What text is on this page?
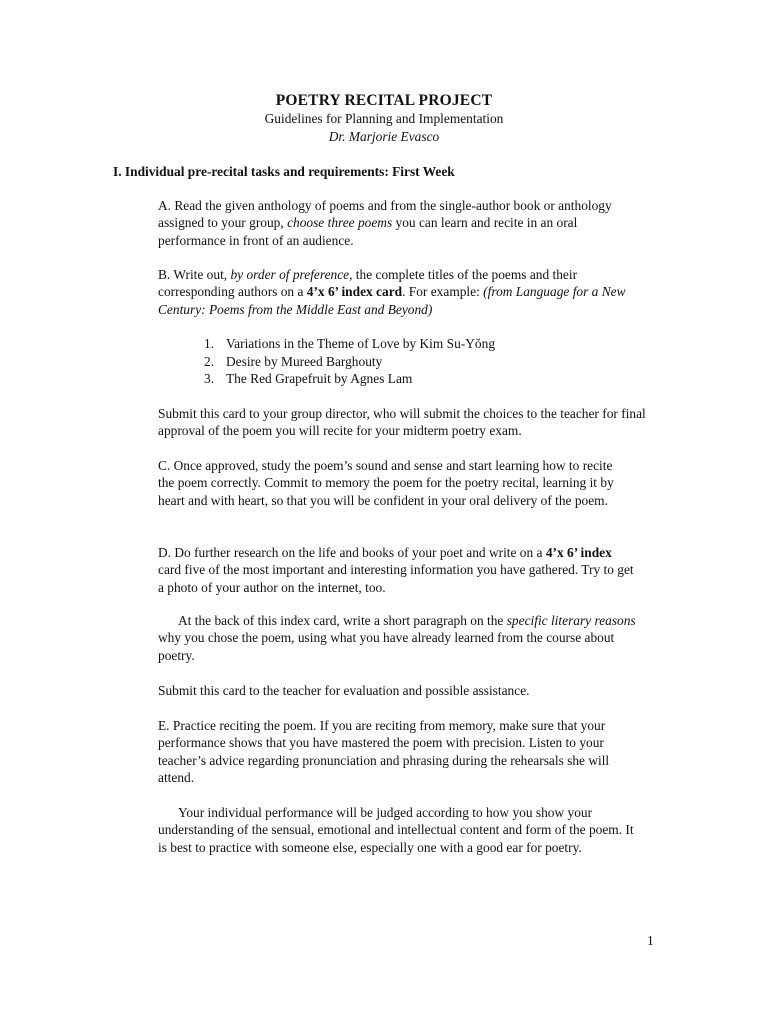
POETRY RECITAL PROJECT
Guidelines for Planning and Implementation
Dr. Marjorie Evasco
I. Individual pre-recital tasks and requirements: First Week

A. Read the given anthology of poems and from the single-author book or anthology assigned to your group, choose three poems you can learn and recite in an oral performance in front of an audience.

B. Write out, by order of preference, the complete titles of the poems and their corresponding authors on a 4’x 6’ index card. For example: (from Language for a New Century: Poems from the Middle East and Beyond)

1. Variations in the Theme of Love by Kim Su-Yŏng
2. Desire by Mureed Barghouty
3. The Red Grapefruit by Agnes Lam

Submit this card to your group director, who will submit the choices to the teacher for final approval of the poem you will recite for your midterm poetry exam.

C. Once approved, study the poem’s sound and sense and start learning how to recite the poem correctly. Commit to memory the poem for the poetry recital, learning it by heart and with heart, so that you will be confident in your oral delivery of the poem.

D. Do further research on the life and books of your poet and write on a 4’x 6’ index card five of the most important and interesting information you have gathered. Try to get a photo of your author on the internet, too.

At the back of this index card, write a short paragraph on the specific literary reasons why you chose the poem, using what you have already learned from the course about poetry.

Submit this card to the teacher for evaluation and possible assistance.

E. Practice reciting the poem. If you are reciting from memory, make sure that your performance shows that you have mastered the poem with precision. Listen to your teacher’s advice regarding pronunciation and phrasing during the rehearsals she will attend.

Your individual performance will be judged according to how you show your understanding of the sensual, emotional and intellectual content and form of the poem. It is best to practice with someone else, especially one with a good ear for poetry.

1
